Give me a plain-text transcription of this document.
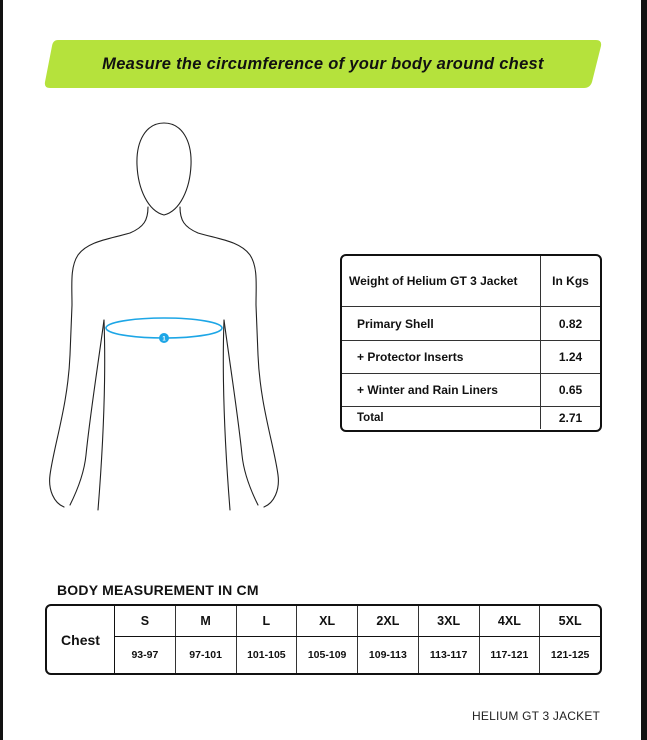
Measure the circumference of your body around chest
1
Weight of Helium GT 3 Jacket	In Kgs
Primary Shell	0.82
+ Protector Inserts	1.24
+ Winter and Rain Liners	0.65
Total	2.71
BODY MEASUREMENT IN CM
Chest
S	M	L	XL	2XL	3XL	4XL	5XL
93-97	97-101	101-105	105-109	109-113	113-117	117-121	121-125
HELIUM GT 3 JACKET
